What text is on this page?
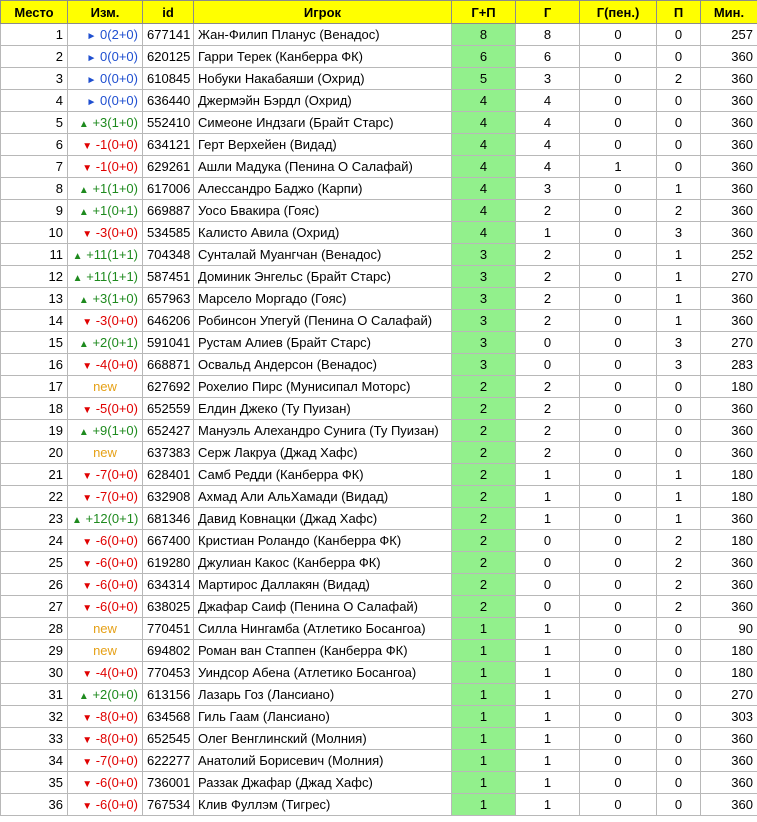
Место	Изм.	id	Игрок	Г+П	Г	Г(пен.)	П	Мин.
1	► 0(2+0)	677141	Жан-Филип Планус (Венадос)	8	8	0	0	257
2	► 0(0+0)	620125	Гарри Терек (Канберра ФК)	6	6	0	0	360
3	► 0(0+0)	610845	Нобуки Накабаяши (Охрид)	5	3	0	2	360
4	► 0(0+0)	636440	Джермэйн Бэрдл (Охрид)	4	4	0	0	360
5	▲ +3(1+0)	552410	Симеоне Индзаги (Брайт Старс)	4	4	0	0	360
6	▼ -1(0+0)	634121	Герт Верхейен (Видад)	4	4	0	0	360
7	▼ -1(0+0)	629261	Ашли Мадука (Пенина О Салафай)	4	4	1	0	360
8	▲ +1(1+0)	617006	Алессандро Баджо (Карпи)	4	3	0	1	360
9	▲ +1(0+1)	669887	Уосо Бвакира (Гояс)	4	2	0	2	360
10	▼ -3(0+0)	534585	Калисто Авила (Охрид)	4	1	0	3	360
11	▲ +11(1+1)	704348	Сунталай Муангчан (Венадос)	3	2	0	1	252
12	▲ +11(1+1)	587451	Доминик Энгельс (Брайт Старс)	3	2	0	1	270
13	▲ +3(1+0)	657963	Марсело Моргадо (Гояс)	3	2	0	1	360
14	▼ -3(0+0)	646206	Робинсон Упегуй (Пенина О Салафай)	3	2	0	1	360
15	▲ +2(0+1)	591041	Рустам Алиев (Брайт Старс)	3	0	0	3	270
16	▼ -4(0+0)	668871	Освальд Андерсон (Венадос)	3	0	0	3	283
17	new	627692	Рохелио Пирс (Мунисипал Моторс)	2	2	0	0	180
18	▼ -5(0+0)	652559	Елдин Джеко (Ту Пуизан)	2	2	0	0	360
19	▲ +9(1+0)	652427	Мануэль Алехандро Сунига (Ту Пуизан)	2	2	0	0	360
20	new	637383	Серж Лакруа (Джад Хафс)	2	2	0	0	360
21	▼ -7(0+0)	628401	Самб Редди (Канберра ФК)	2	1	0	1	180
22	▼ -7(0+0)	632908	Ахмад Али АльХамади (Видад)	2	1	0	1	180
23	▲ +12(0+1)	681346	Давид Ковнацки (Джад Хафс)	2	1	0	1	360
24	▼ -6(0+0)	667400	Кристиан Роландо (Канберра ФК)	2	0	0	2	180
25	▼ -6(0+0)	619280	Джулиан Какос (Канберра ФК)	2	0	0	2	360
26	▼ -6(0+0)	634314	Мартирос Даллакян (Видад)	2	0	0	2	360
27	▼ -6(0+0)	638025	Джафар Саиф (Пенина О Салафай)	2	0	0	2	360
28	new	770451	Силла Нингамба (Атлетико Босангоа)	1	1	0	0	90
29	new	694802	Роман ван Стаппен (Канберра ФК)	1	1	0	0	180
30	▼ -4(0+0)	770453	Уиндсор Абена (Атлетико Босангоа)	1	1	0	0	180
31	▲ +2(0+0)	613156	Лазарь Гоз (Лансиано)	1	1	0	0	270
32	▼ -8(0+0)	634568	Гиль Гаам (Лансиано)	1	1	0	0	303
33	▼ -8(0+0)	652545	Олег Венглинский (Молния)	1	1	0	0	360
34	▼ -7(0+0)	622277	Анатолий Борисевич (Молния)	1	1	0	0	360
35	▼ -6(0+0)	736001	Раззак Джафар (Джад Хафс)	1	1	0	0	360
36	▼ -6(0+0)	767534	Клив Фуллэм (Тигрес)	1	1	0	0	360
